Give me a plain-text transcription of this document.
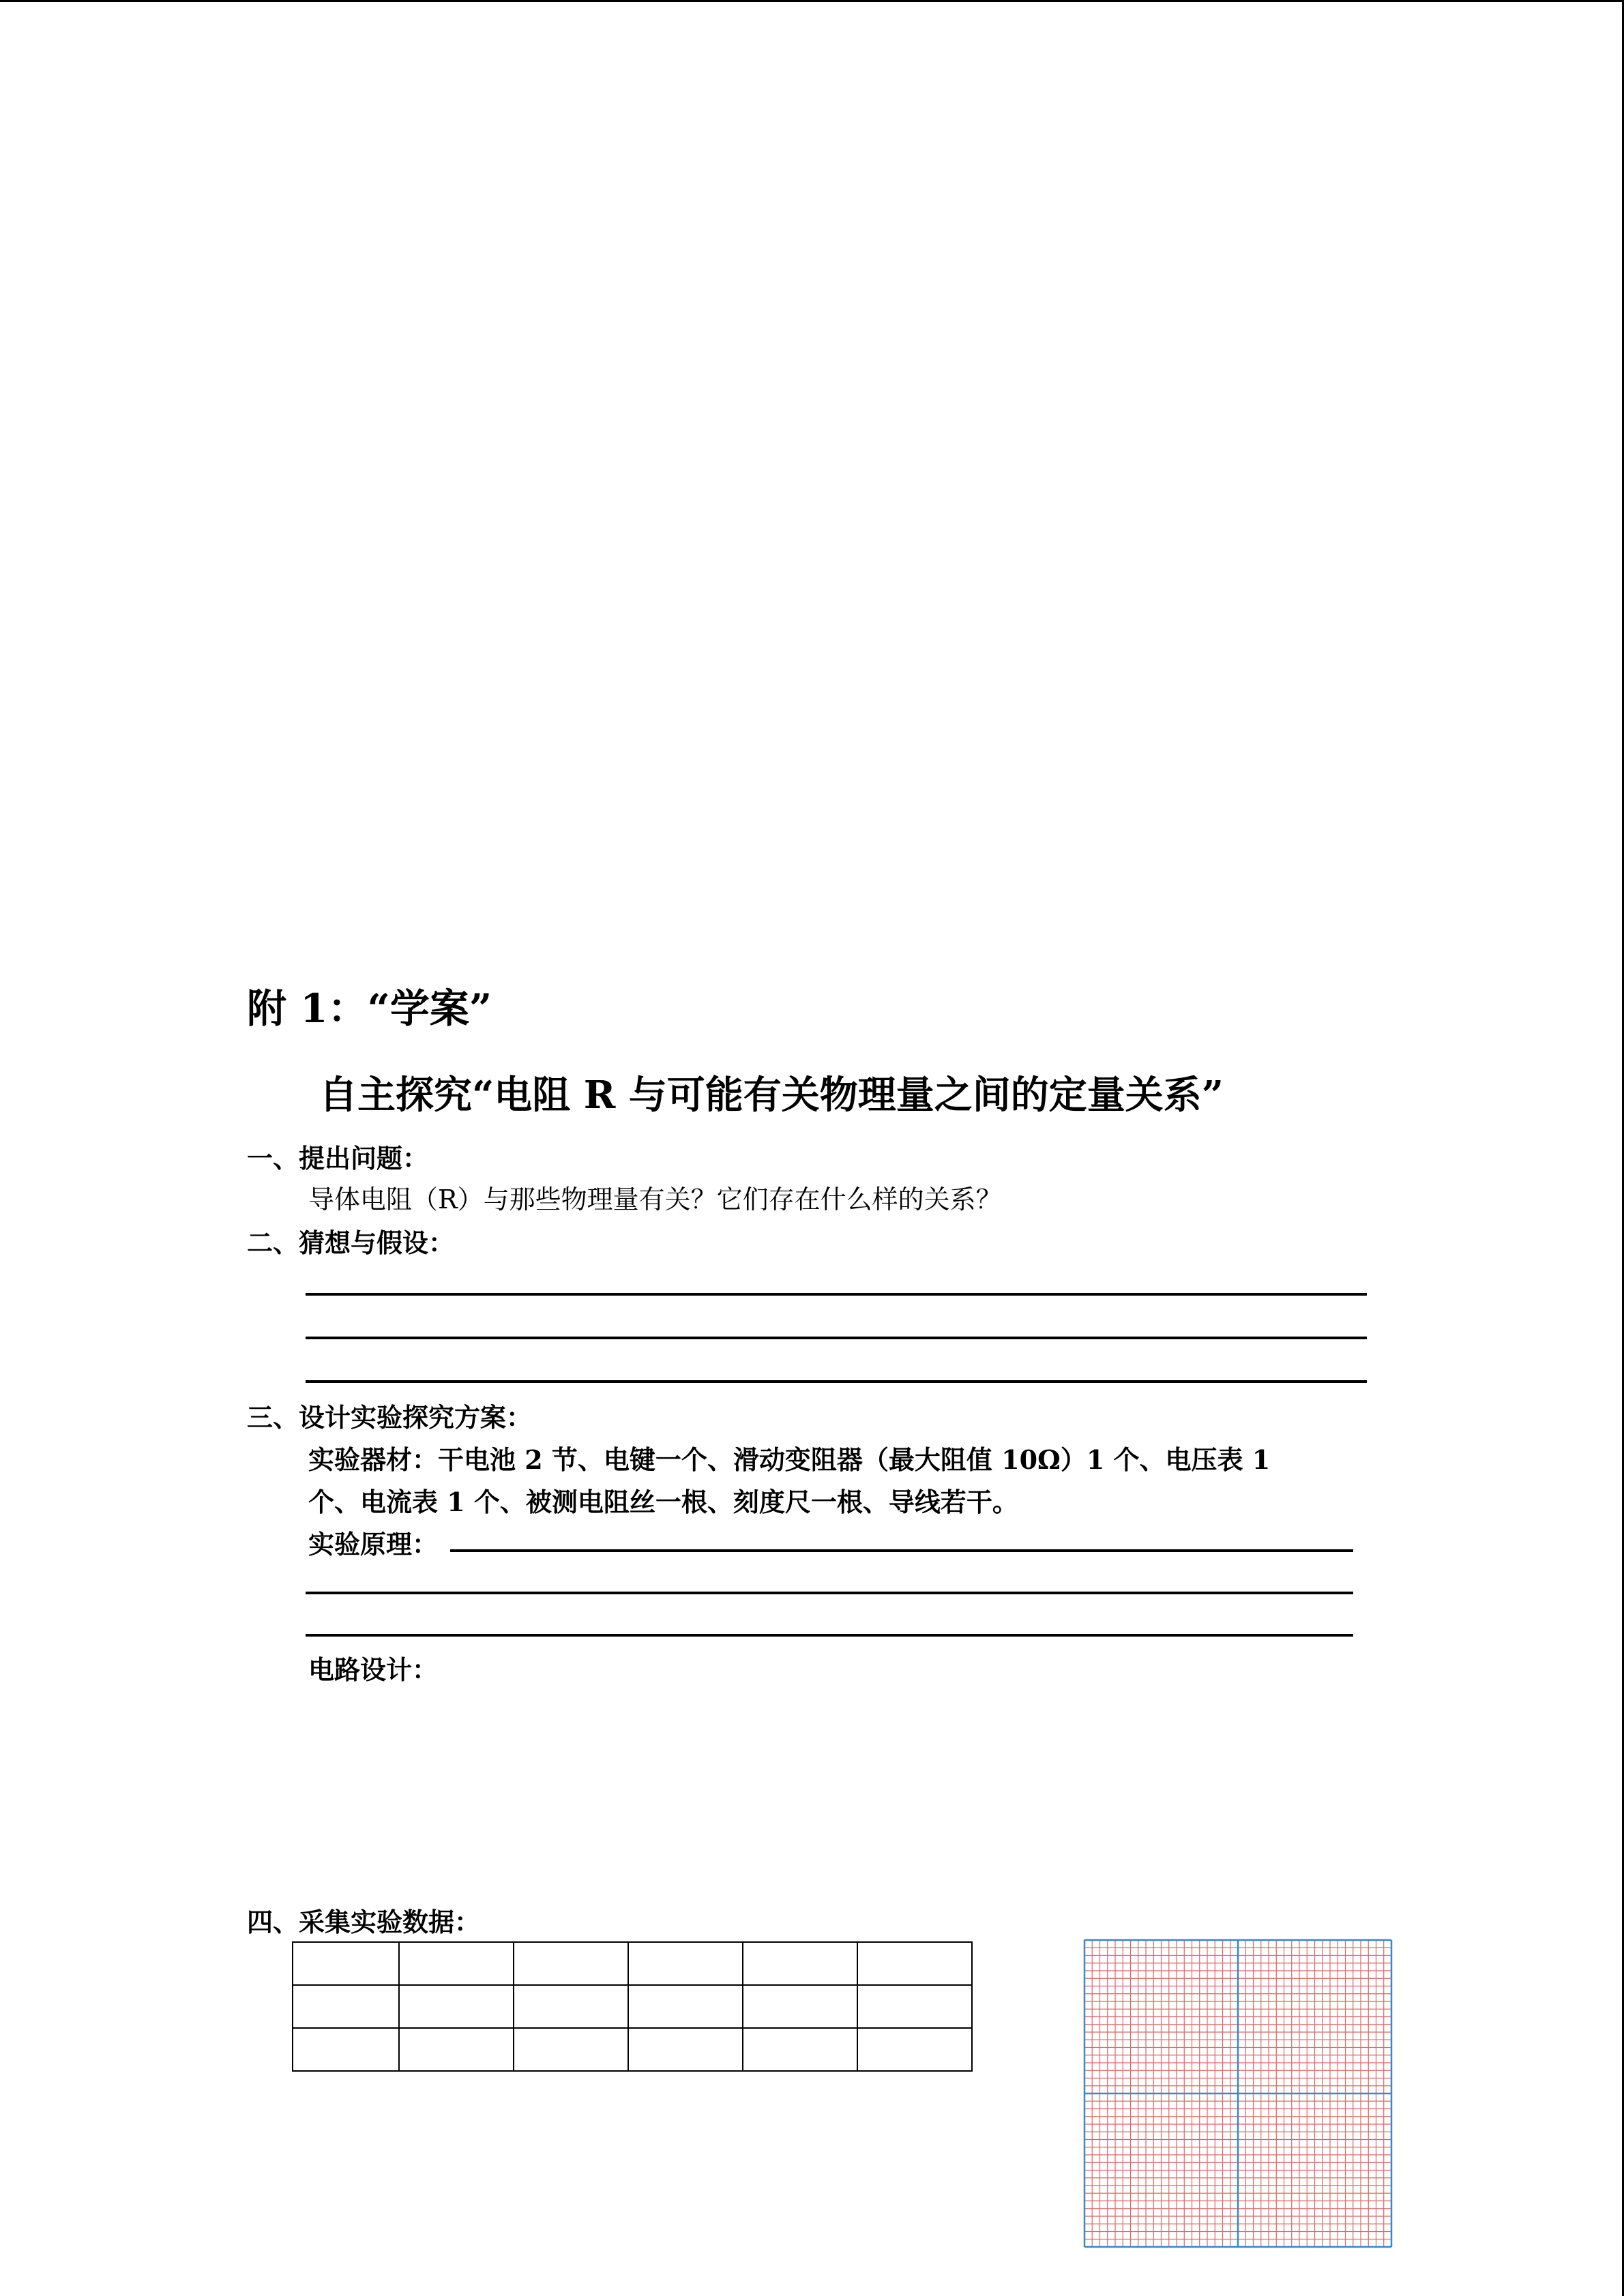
附 1：“学案”
自主探究“电阻 R 与可能有关物理量之间的定量关系”
一、提出问题：
导体电阻（R）与那些物理量有关？它们存在什么样的关系？
二、猜想与假设：
三、设计实验探究方案：
实验器材：干电池 2 节、电键一个、滑动变阻器（最大阻值 10Ω）1 个、电压表 1
个、电流表 1 个、被测电阻丝一根、刻度尺一根、导线若干。
实验原理：
电路设计：
四、采集实验数据：
